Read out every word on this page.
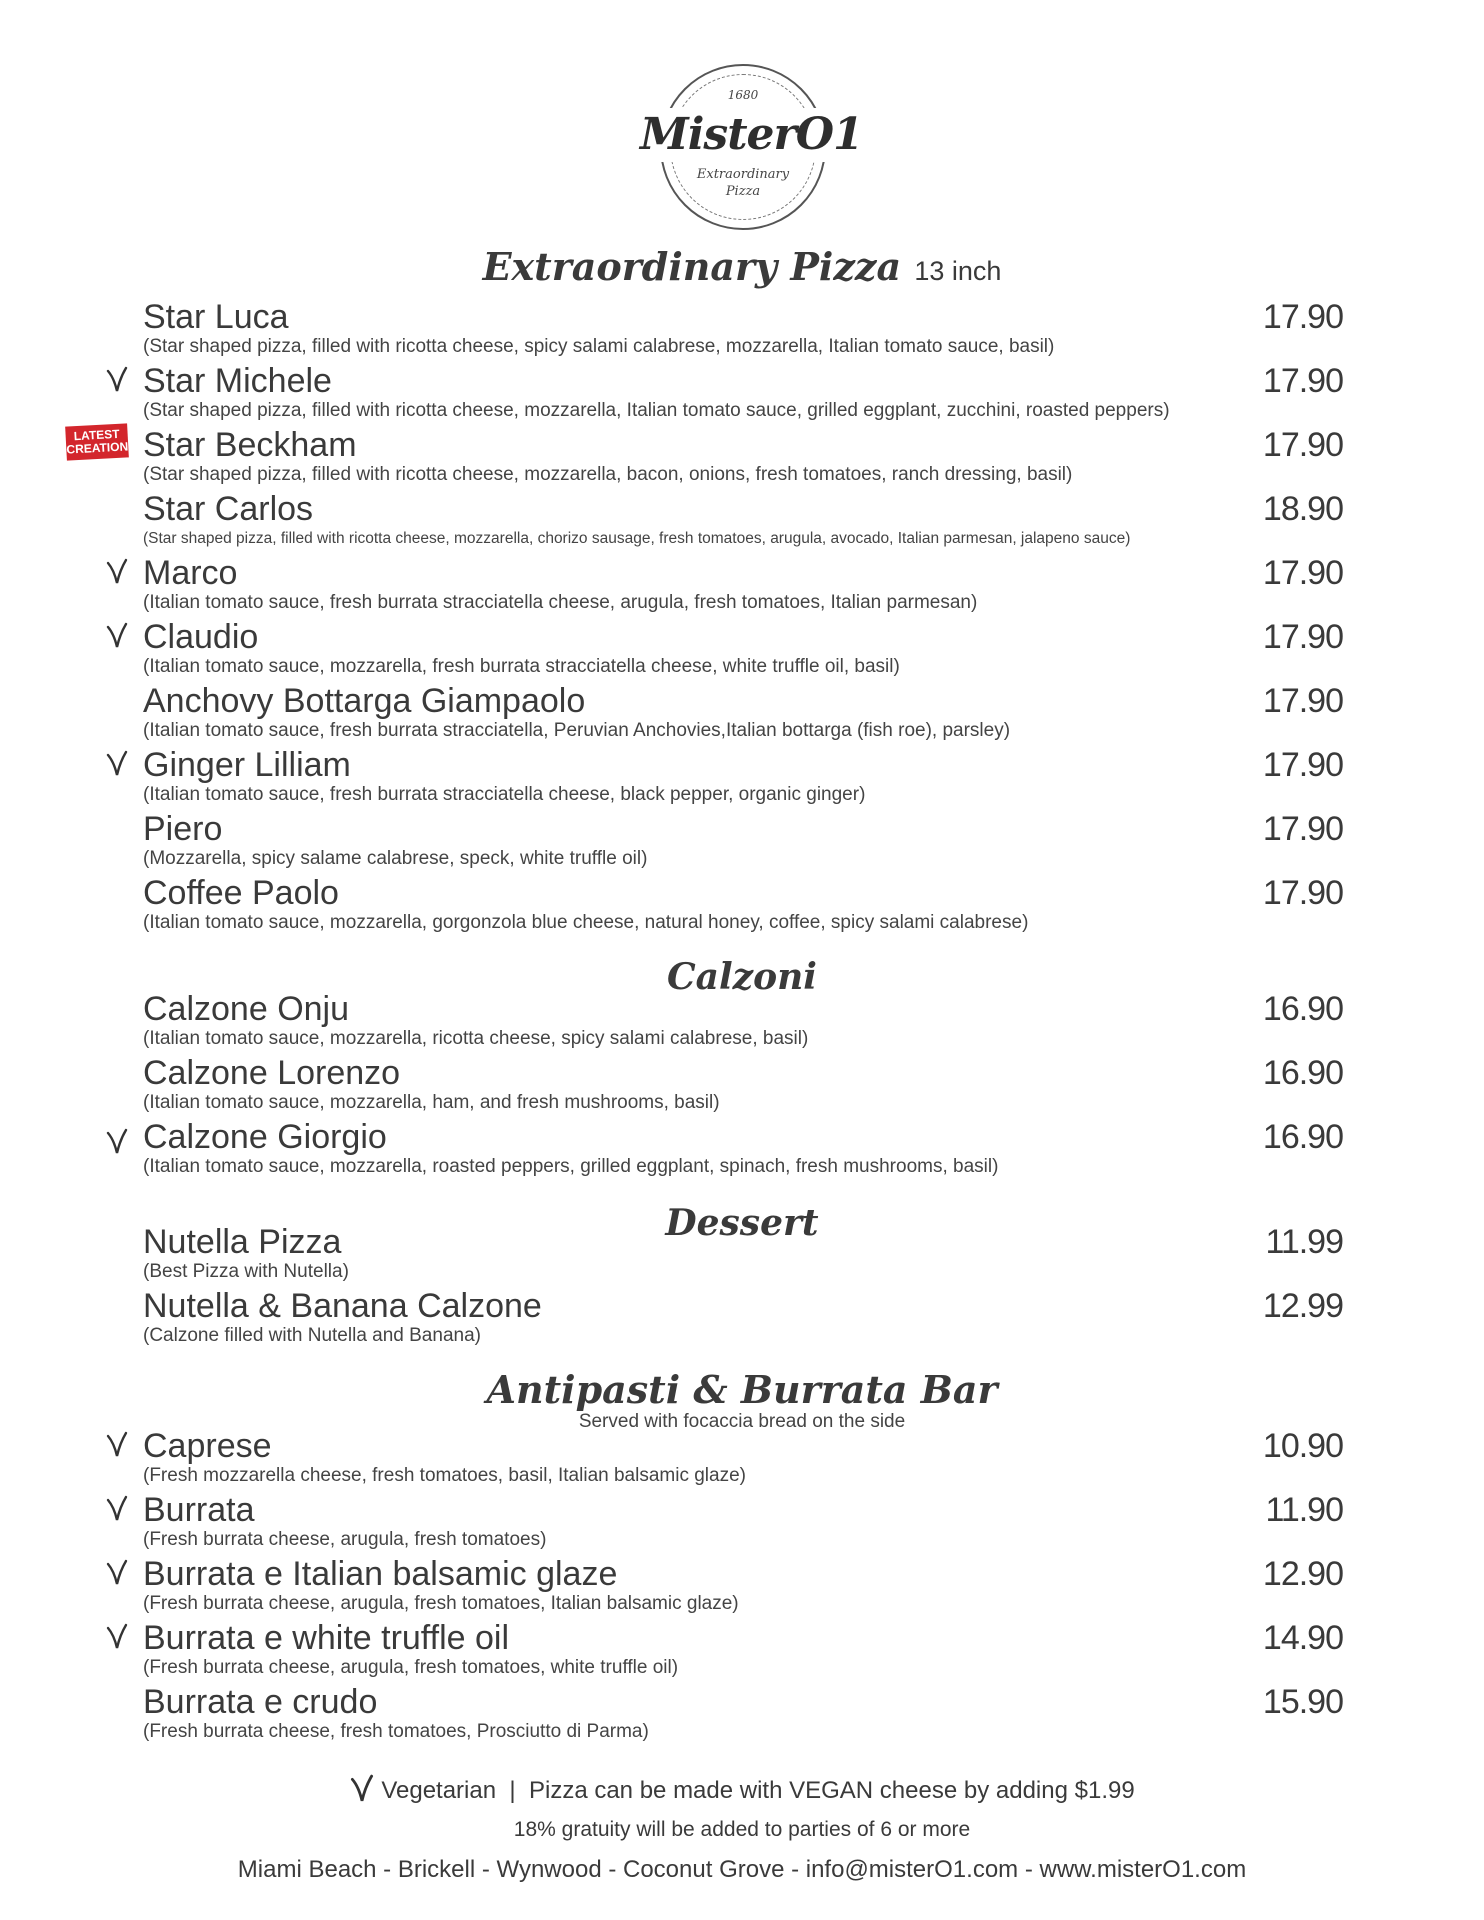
1680
MisterO1
Extraordinary
Pizza
Extraordinary Pizza 13 inch
Calzoni
Dessert
Antipasti & Burrata Bar
Served with focaccia bread on the side
LATEST
CREATION
Star Luca
(Star shaped pizza, filled with ricotta cheese, spicy salami calabrese, mozzarella, Italian tomato sauce, basil)
17.90
Star Michele
(Star shaped pizza, filled with ricotta cheese, mozzarella, Italian tomato sauce, grilled eggplant, zucchini, roasted peppers)
17.90
Star Beckham
(Star shaped pizza, filled with ricotta cheese, mozzarella, bacon, onions, fresh tomatoes, ranch dressing, basil)
17.90
Star Carlos
(Star shaped pizza, filled with ricotta cheese, mozzarella, chorizo sausage, fresh tomatoes, arugula, avocado, Italian parmesan, jalapeno sauce)
18.90
Marco
(Italian tomato sauce, fresh burrata stracciatella cheese, arugula, fresh tomatoes, Italian parmesan)
17.90
Claudio
(Italian tomato sauce, mozzarella, fresh burrata stracciatella cheese, white truffle oil, basil)
17.90
Anchovy Bottarga Giampaolo
(Italian tomato sauce, fresh burrata stracciatella, Peruvian Anchovies,Italian bottarga (fish roe), parsley)
17.90
Ginger Lilliam
(Italian tomato sauce, fresh burrata stracciatella cheese, black pepper, organic ginger)
17.90
Piero
(Mozzarella, spicy salame calabrese, speck, white truffle oil)
17.90
Coffee Paolo
(Italian tomato sauce, mozzarella, gorgonzola blue cheese, natural honey, coffee, spicy salami calabrese)
17.90
Calzone Onju
(Italian tomato sauce, mozzarella, ricotta cheese, spicy salami calabrese, basil)
16.90
Calzone Lorenzo
(Italian tomato sauce, mozzarella, ham, and fresh mushrooms, basil)
16.90
Calzone Giorgio
(Italian tomato sauce, mozzarella, roasted peppers, grilled eggplant, spinach, fresh mushrooms, basil)
16.90
Nutella Pizza
(Best Pizza with Nutella)
11.99
Nutella & Banana Calzone
(Calzone filled with Nutella and Banana)
12.99
Caprese
(Fresh mozzarella cheese, fresh tomatoes, basil, Italian balsamic glaze)
10.90
Burrata
(Fresh burrata cheese, arugula, fresh tomatoes)
11.90
Burrata e Italian balsamic glaze
(Fresh burrata cheese, arugula, fresh tomatoes, Italian balsamic glaze)
12.90
Burrata e white truffle oil
(Fresh burrata cheese, arugula, fresh tomatoes, white truffle oil)
14.90
Burrata e crudo
(Fresh burrata cheese, fresh tomatoes, Prosciutto di Parma)
15.90
Vegetarian  |  Pizza can be made with VEGAN cheese by adding $1.99
18% gratuity will be added to parties of 6 or more
Miami Beach - Brickell - Wynwood - Coconut Grove - info@misterO1.com - www.misterO1.com
